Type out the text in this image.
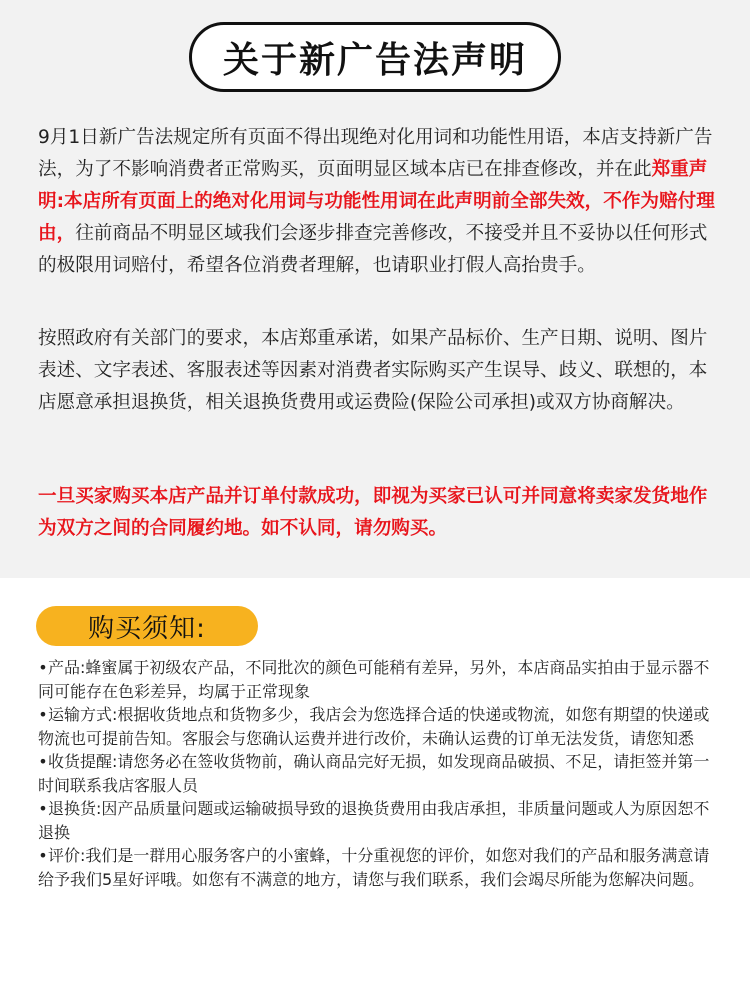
关于新广告法声明
9月1日新广告法规定所有页面不得出现绝对化用词和功能性用语，本店支持新广告法，为了不影响消费者正常购买，页面明显区域本店已在排查修改，并在此郑重声明:本店所有页面上的绝对化用词与功能性用词在此声明前全部失效，不作为赔付理由，往前商品不明显区域我们会逐步排查完善修改，不接受并且不妥协以任何形式的极限用词赔付，希望各位消费者理解，也请职业打假人高抬贵手。
按照政府有关部门的要求，本店郑重承诺，如果产品标价、生产日期、说明、图片表述、文字表述、客服表述等因素对消费者实际购买产生误导、歧义、联想的，本店愿意承担退换货，相关退换货费用或运费险(保险公司承担)或双方协商解决。
一旦买家购买本店产品并订单付款成功，即视为买家已认可并同意将卖家发货地作为双方之间的合同履约地。如不认同，请勿购买。
购买须知:
•产品:蜂蜜属于初级农产品，不同批次的颜色可能稍有差异，另外，本店商品实拍由于显示器不同可能存在色彩差异，均属于正常现象
•运输方式:根据收货地点和货物多少，我店会为您选择合适的快递或物流，如您有期望的快递或物流也可提前告知。客服会与您确认运费并进行改价，未确认运费的订单无法发货，请您知悉
•收货提醒:请您务必在签收货物前，确认商品完好无损，如发现商品破损、不足，请拒签并第一时间联系我店客服人员
•退换货:因产品质量问题或运输破损导致的退换货费用由我店承担，非质量问题或人为原因恕不退换
•评价:我们是一群用心服务客户的小蜜蜂，十分重视您的评价，如您对我们的产品和服务满意请给予我们5星好评哦。如您有不满意的地方，请您与我们联系，我们会竭尽所能为您解决问题。
